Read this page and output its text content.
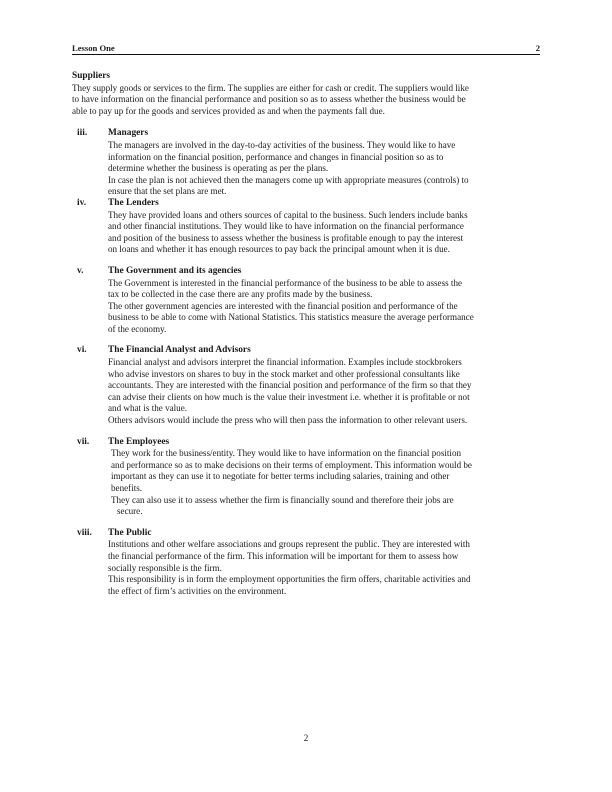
Lesson One	2
Suppliers

They supply goods or services to the firm. The supplies are either for cash or credit. The suppliers would like

to have information on the financial performance and position so as to assess whether the business would be

able to pay up for the goods and services provided as and when the payments fall due.

iii. Managers

The managers are involved in the day-to-day activities of the business. They would like to have

information on the financial position, performance and changes in financial position so as to

determine whether the business is operating as per the plans.

In case the plan is not achieved then the managers come up with appropriate measures (controls) to

ensure that the set plans are met.

iv. The Lenders

They have provided loans and others sources of capital to the business. Such lenders include banks

and other financial institutions. They would like to have information on the financial performance

and position of the business to assess whether the business is profitable enough to pay the interest

on loans and whether it has enough resources to pay back the principal amount when it is due.

v.	The Government and its agencies

The Government is interested in the financial performance of the business to be able to assess the

tax to be collected in the case there are any profits made by the business.

The other government agencies are interested with the financial position and performance of the

business to be able to come with National Statistics. This statistics measure the average performance

of the economy.

vi. The Financial Analyst and Advisors

Financial analyst and advisors interpret the financial information. Examples include stockbrokers

who advise investors on shares to buy in the stock market and other professional consultants like

accountants. They are interested with the financial position and performance of the firm so that they

can advise their clients on how much is the value their investment i.e. whether it is profitable or not

and what is the value.

Others advisors would include the press who will then pass the information to other relevant users.

vii. The Employees

They work for the business/entity. They would like to have information on the financial position

and performance so as to make decisions on their terms of employment. This information would be

important as they can use it to negotiate for better terms including salaries, training and other

benefits.

They can also use it to assess whether the firm is financially sound and therefore their jobs are

secure.

viii. The Public

Institutions and other welfare associations and groups represent the public. They are interested with

the financial performance of the firm. This information will be important for them to assess how

socially responsible is the firm.

This responsibility is in form the employment opportunities the firm offers, charitable activities and

the effect of firm’s activities on the environment.

2
